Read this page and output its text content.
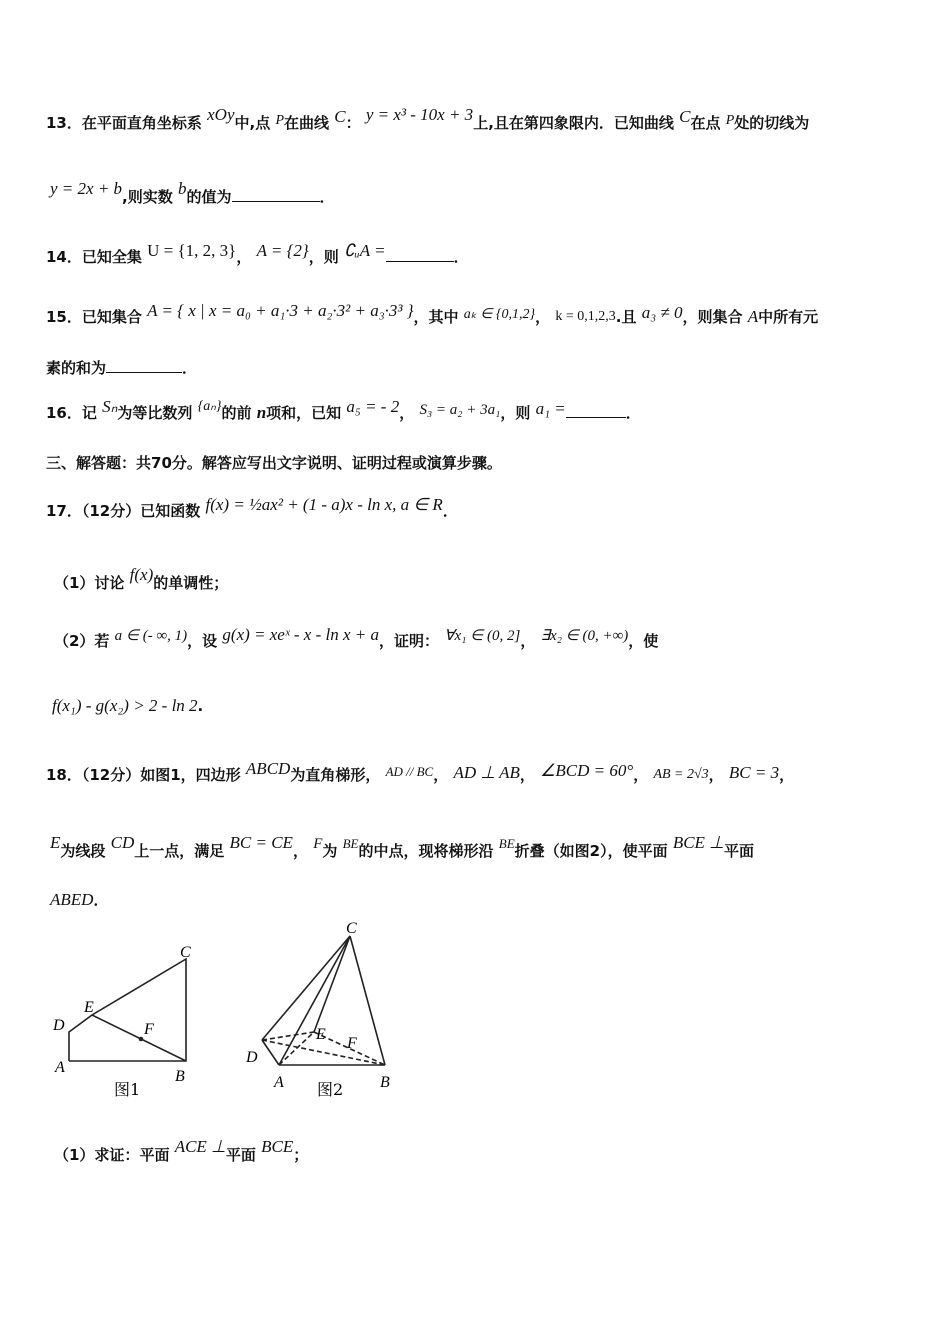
13．在平面直角坐标系 xOy中,点 P在曲线 C： y = x³ - 10x + 3上,且在第四象限内．已知曲线 C在点 P处的切线为
y = 2x + b,则实数 b的值为	．
14．已知全集 U = {1, 2, 3}， A = {2}，则 ∁ᵤA =	．
15．已知集合 A = { x | x = a₀ + a₁·3 + a₂·3² + a₃·3³ }，其中 aₖ ∈ {0,1,2}， k = 0,1,2,3.且 a₃ ≠ 0，则集合 A中所有元
素的和为	．
16．记 Sₙ为等比数列 {aₙ}的前 n项和，已知 a₅ = - 2， S₃ = a₂ + 3a₁，则 a₁ =	．
三、解答题：共70分。解答应写出文字说明、证明过程或演算步骤。
17．（12分）已知函数 f(x) = ½ax² + (1 - a)x - ln x, a ∈ R．
（1）讨论 f(x)的单调性；
（2）若 a ∈ (- ∞, 1)，设 g(x) = xeˣ - x - ln x + a，证明： ∀x₁ ∈ (0, 2]， ∃x₂ ∈ (0, +∞)，使
f(x₁) - g(x₂) > 2 - ln 2.
18．（12分）如图1，四边形 ABCD为直角梯形， AD // BC， AD ⊥ AB， ∠BCD = 60°， AB = 2√3， BC = 3，
E为线段 CD上一点，满足 BC = CE， F为 BE的中点，现将梯形沿 BE折叠（如图2），使平面 BCE ⊥平面
ABED．
C
E
D	F
A
B
图1
C
E
F
D
A	B
图2
（1）求证：平面 ACE ⊥平面 BCE；
